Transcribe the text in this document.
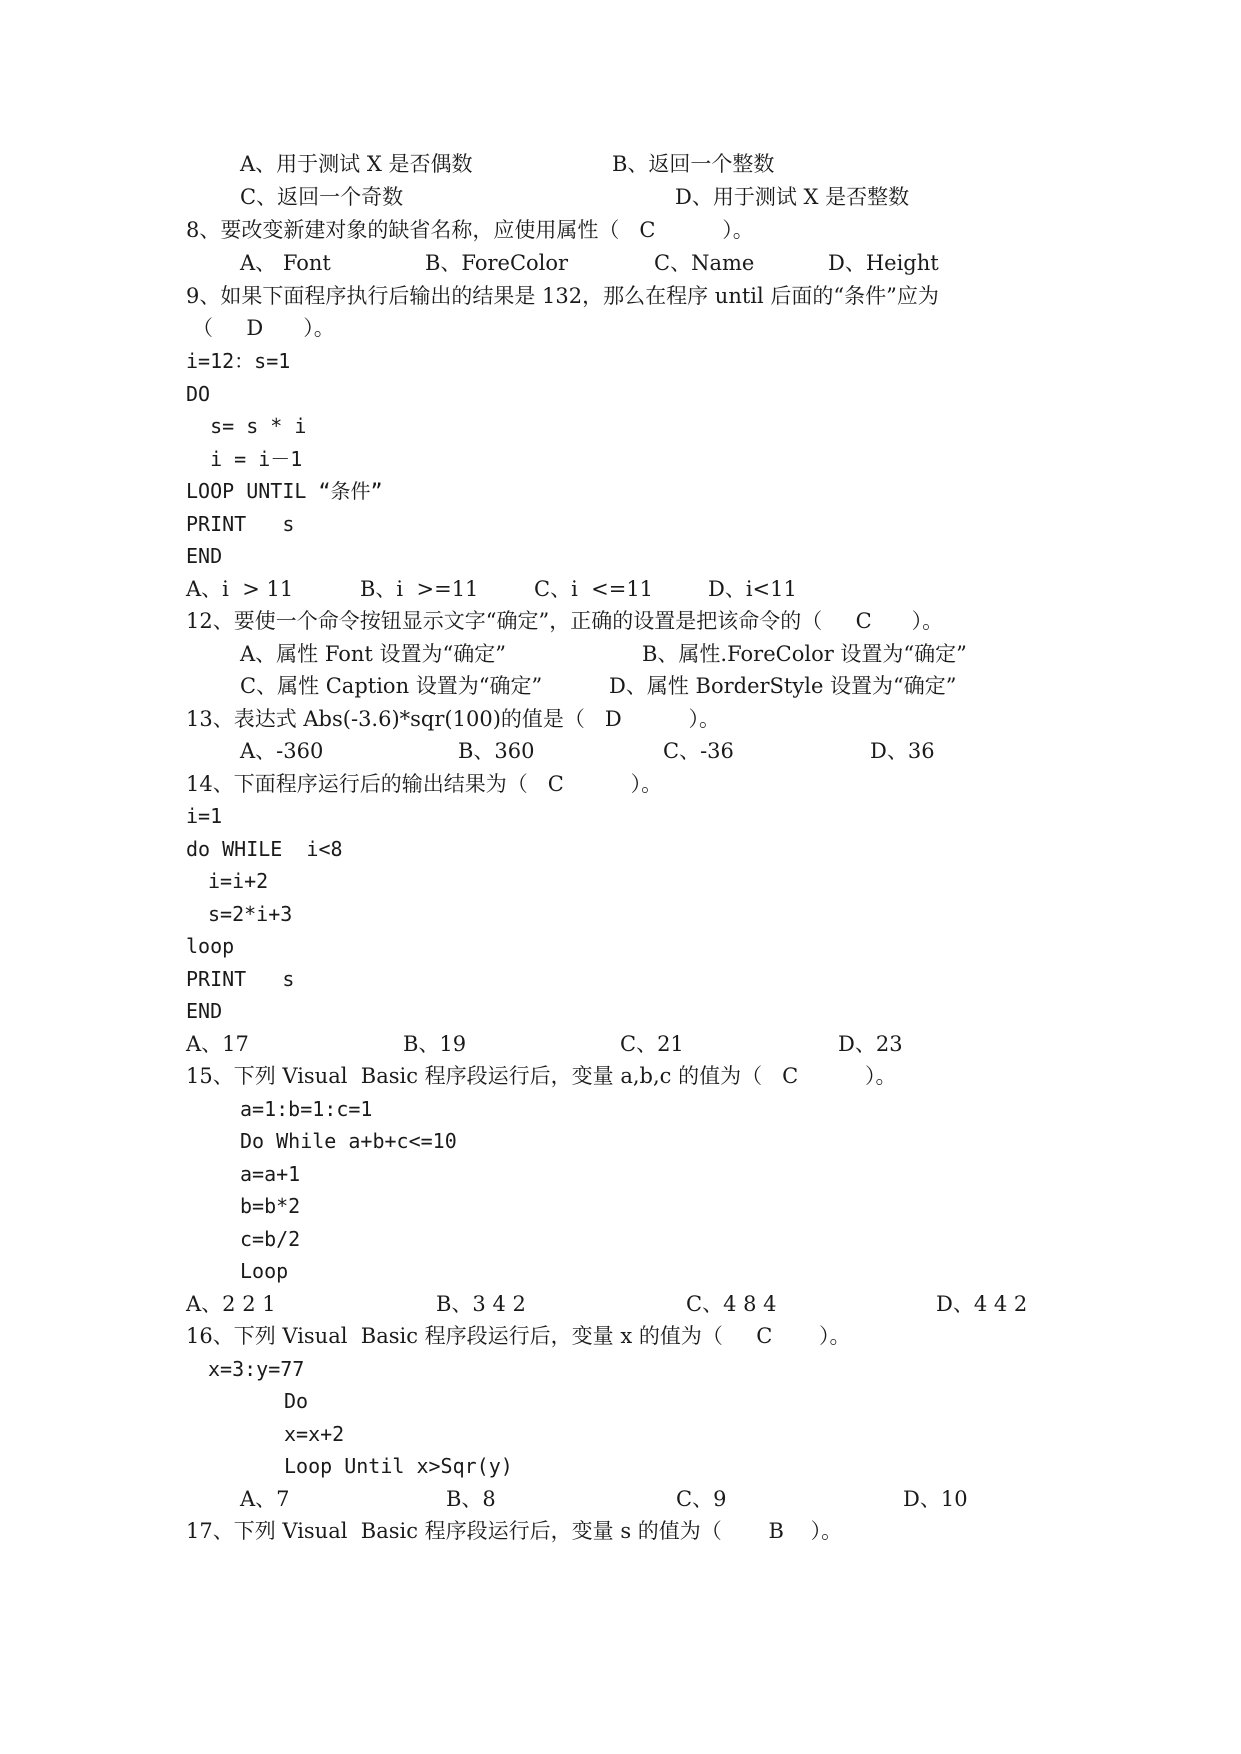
A、用于测试 X 是否偶数	B、返回一个整数
C、返回一个奇数	D、用于测试 X 是否整数
8、要改变新建对象的缺省名称，应使用属性（   C          ）。
A、 Font	B、ForeColor	C、Name	D、Height
9、如果下面程序执行后输出的结果是 132，那么在程序 until 后面的“条件”应为
（     D      ）。
i=12：s=1
DO
s= s * i
i = i－1
LOOP UNTIL “条件”
PRINT   s
END
A、i  > 11	B、i  >=11	C、i  <=11	D、i<11
12、要使一个命令按钮显示文字“确定”，正确的设置是把该命令的（     C      ）。
A、属性 Font 设置为“确定”	B、属性.ForeColor 设置为“确定”
C、属性 Caption 设置为“确定”	D、属性 BorderStyle 设置为“确定”
13、表达式 Abs(-3.6)*sqr(100)的值是（   D          ）。
A、-360	B、360	C、-36	D、36
14、下面程序运行后的输出结果为（   C          ）。
i=1
do WHILE  i<8
i=i+2
s=2*i+3
loop
PRINT   s
END
A、17	B、19	C、21	D、23
15、下列 Visual  Basic 程序段运行后，变量 a,b,c 的值为（   C          ）。
a=1:b=1:c=1
Do While a+b+c<=10
a=a+1
b=b*2
c=b/2
Loop
A、2 2 1	B、3 4 2	C、4 8 4	D、4 4 2
16、下列 Visual  Basic 程序段运行后，变量 x 的值为（     C       ）。
x=3:y=77
Do
x=x+2
Loop Until x>Sqr(y)
A、7	B、8	C、9	D、10
17、下列 Visual  Basic 程序段运行后，变量 s 的值为（       B    ）。
